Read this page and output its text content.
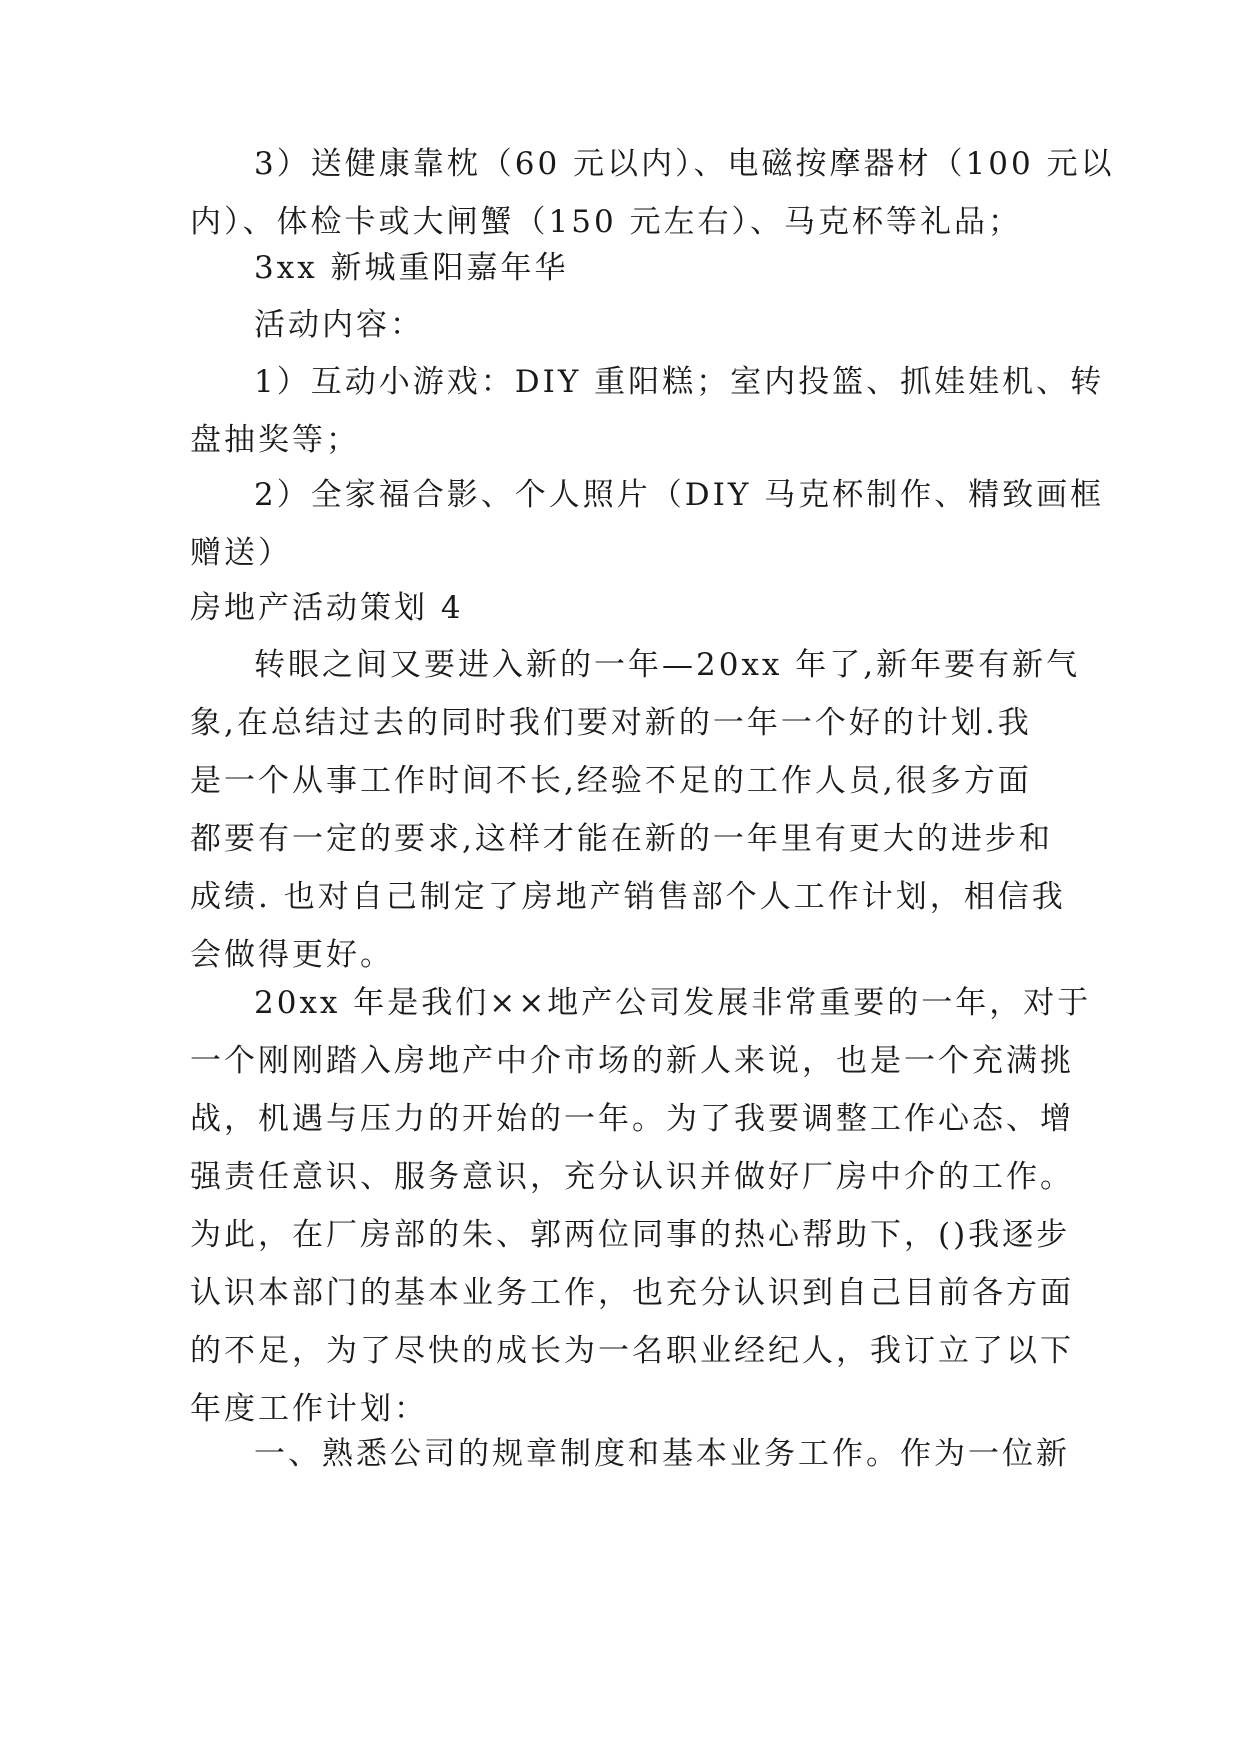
3）送健康靠枕（60 元以内）、电磁按摩器材（100 元以
内）、体检卡或大闸蟹（150 元左右）、马克杯等礼品；
3xx 新城重阳嘉年华
活动内容：
1）互动小游戏：DIY 重阳糕；室内投篮、抓娃娃机、转
盘抽奖等；
2）全家福合影、个人照片（DIY 马克杯制作、精致画框
赠送）
房地产活动策划 4
转眼之间又要进入新的一年—20xx 年了,新年要有新气
象,在总结过去的同时我们要对新的一年一个好的计划.我
是一个从事工作时间不长,经验不足的工作人员,很多方面
都要有一定的要求,这样才能在新的一年里有更大的进步和
成绩. 也对自己制定了房地产销售部个人工作计划，相信我
会做得更好。
20xx 年是我们××地产公司发展非常重要的一年，对于
一个刚刚踏入房地产中介市场的新人来说，也是一个充满挑
战，机遇与压力的开始的一年。为了我要调整工作心态、增
强责任意识、服务意识，充分认识并做好厂房中介的工作。
为此，在厂房部的朱、郭两位同事的热心帮助下，()我逐步
认识本部门的基本业务工作，也充分认识到自己目前各方面
的不足，为了尽快的成长为一名职业经纪人，我订立了以下
年度工作计划：
一、熟悉公司的规章制度和基本业务工作。作为一位新
